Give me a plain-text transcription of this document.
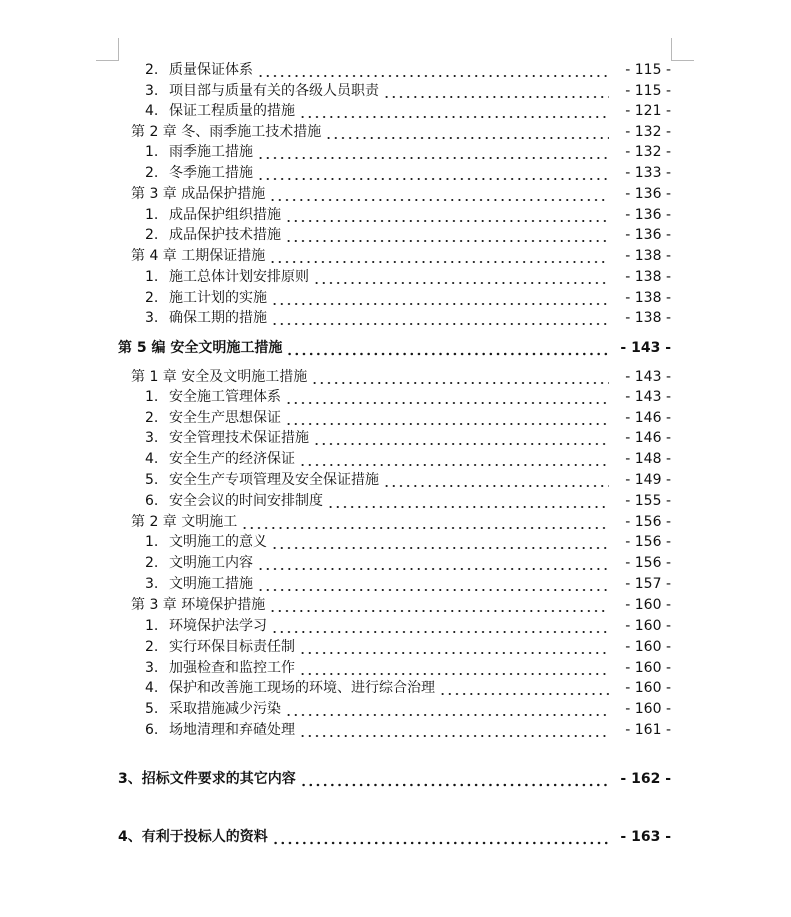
2. 质量保证体系	- 115 -
3. 项目部与质量有关的各级人员职责	- 115 -
4. 保证工程质量的措施	- 121 -
第 2 章 冬、雨季施工技术措施	- 132 -
1. 雨季施工措施	- 132 -
2. 冬季施工措施	- 133 -
第 3 章 成品保护措施	- 136 -
1. 成品保护组织措施	- 136 -
2. 成品保护技术措施	- 136 -
第 4 章 工期保证措施	- 138 -
1. 施工总体计划安排原则	- 138 -
2. 施工计划的实施	- 138 -
3. 确保工期的措施	- 138 -
第 5 编 安全文明施工措施	- 143 -
第 1 章 安全及文明施工措施	- 143 -
1. 安全施工管理体系	- 143 -
2. 安全生产思想保证	- 146 -
3. 安全管理技术保证措施	- 146 -
4. 安全生产的经济保证	- 148 -
5. 安全生产专项管理及安全保证措施	- 149 -
6. 安全会议的时间安排制度	- 155 -
第 2 章 文明施工	- 156 -
1. 文明施工的意义	- 156 -
2. 文明施工内容	- 156 -
3. 文明施工措施	- 157 -
第 3 章 环境保护措施	- 160 -
1. 环境保护法学习	- 160 -
2. 实行环保目标责任制	- 160 -
3. 加强检查和监控工作	- 160 -
4. 保护和改善施工现场的环境、进行综合治理	- 160 -
5. 采取措施减少污染	- 160 -
6. 场地清理和弃碴处理	- 161 -
3、招标文件要求的其它内容	- 162 -
4、有利于投标人的资料	- 163 -
